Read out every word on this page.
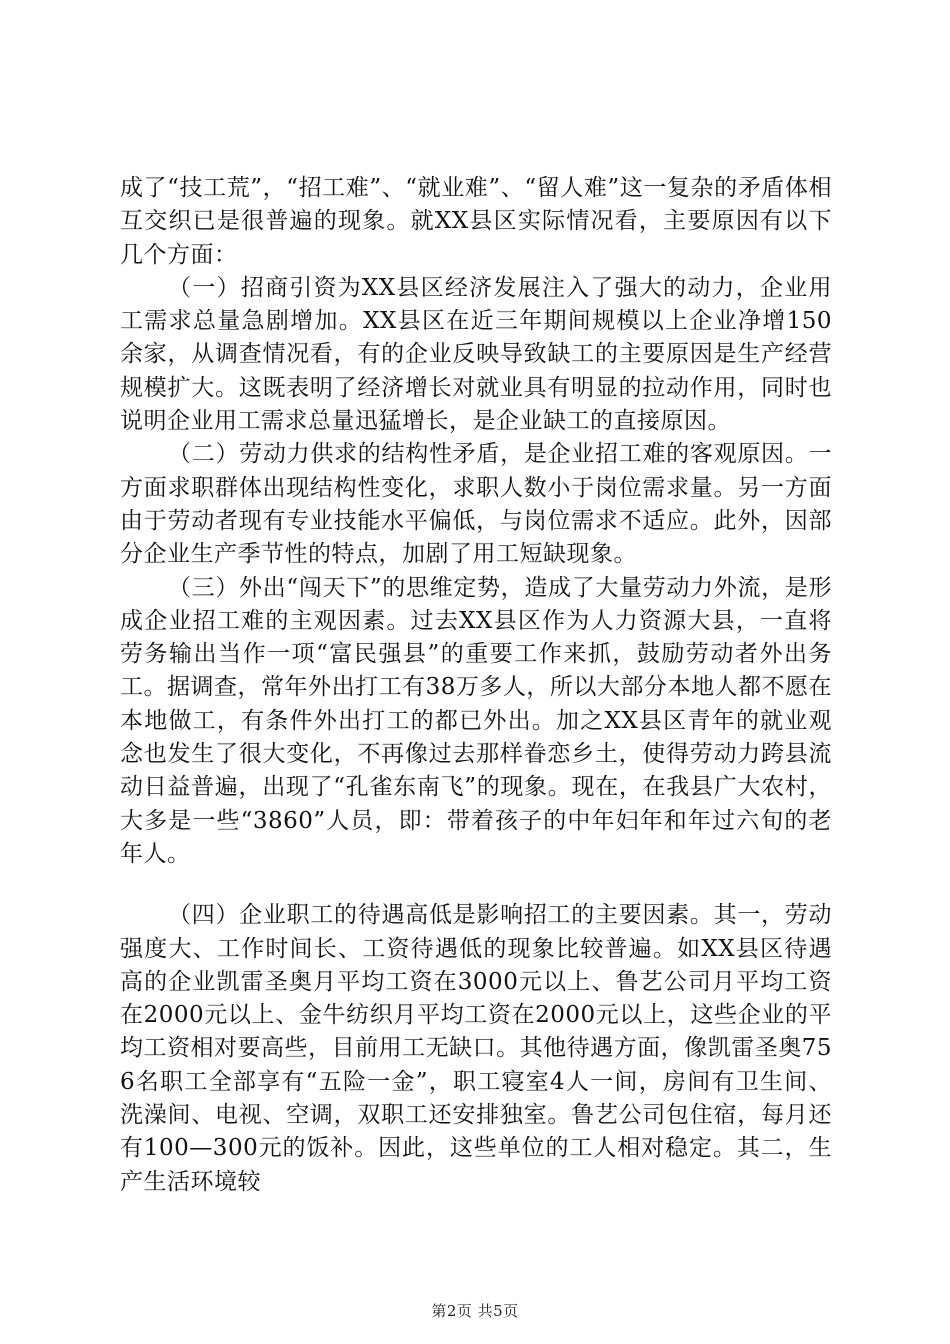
成了“技工荒”，“招工难”、“就业难”、“留人难”这一复杂的矛盾体相互交织已是很普遍的现象。就XX县区实际情况看，主要原因有以下几个方面：

（一）招商引资为XX县区经济发展注入了强大的动力，企业用工需求总量急剧增加。XX县区在近三年期间规模以上企业净增150余家，从调查情况看，有的企业反映导致缺工的主要原因是生产经营规模扩大。这既表明了经济增长对就业具有明显的拉动作用，同时也说明企业用工需求总量迅猛增长，是企业缺工的直接原因。

（二）劳动力供求的结构性矛盾，是企业招工难的客观原因。一方面求职群体出现结构性变化，求职人数小于岗位需求量。另一方面由于劳动者现有专业技能水平偏低，与岗位需求不适应。此外，因部分企业生产季节性的特点，加剧了用工短缺现象。

（三）外出“闯天下”的思维定势，造成了大量劳动力外流，是形成企业招工难的主观因素。过去XX县区作为人力资源大县，一直将劳务输出当作一项“富民强县”的重要工作来抓，鼓励劳动者外出务工。据调查，常年外出打工有38万多人，所以大部分本地人都不愿在本地做工，有条件外出打工的都已外出。加之XX县区青年的就业观念也发生了很大变化，不再像过去那样眷恋乡土，使得劳动力跨县流动日益普遍，出现了“孔雀东南飞”的现象。现在，在我县广大农村，大多是一些“3860”人员，即：带着孩子的中年妇年和年过六旬的老年人。

（四）企业职工的待遇高低是影响招工的主要因素。其一，劳动强度大、工作时间长、工资待遇低的现象比较普遍。如XX县区待遇高的企业凯雷圣奥月平均工资在3000元以上、鲁艺公司月平均工资在2000元以上、金牛纺织月平均工资在2000元以上，这些企业的平均工资相对要高些，目前用工无缺口。其他待遇方面，像凯雷圣奥756名职工全部享有“五险一金”，职工寝室4人一间，房间有卫生间、洗澡间、电视、空调，双职工还安排独室。鲁艺公司包住宿，每月还有100—300元的饭补。因此，这些单位的工人相对稳定。其二，生产生活环境较

第2页 共5页
